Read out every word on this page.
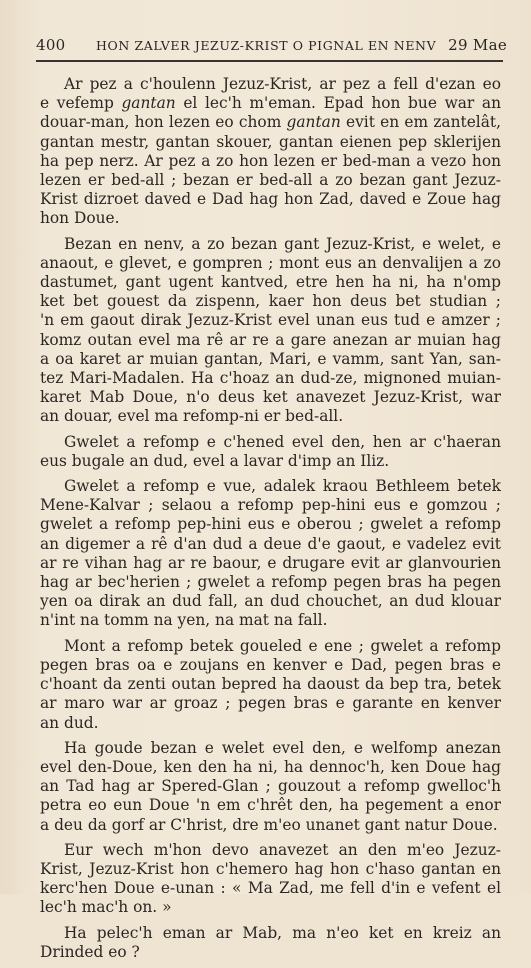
400 HON ZALVER JEZUZ-KRIST O PIGNAL EN NENV 29 Mae
Ar pez a c'houlenn Jezuz-Krist, ar pez a fell d'ezan eo
e vefemp gantan el lec'h m'eman. Epad hon bue war an
douar-man, hon lezen eo chom gantan evit en em zantelât,
gantan mestr, gantan skouer, gantan eienen pep sklerijen
ha pep nerz. Ar pez a zo hon lezen er bed-man a vezo hon
lezen er bed-all ; bezan er bed-all a zo bezan gant Jezuz-
Krist dizroet daved e Dad hag hon Zad, daved e Zoue hag
hon Doue.
Bezan en nenv, a zo bezan gant Jezuz-Krist, e welet, e
anaout, e glevet, e gompren ; mont eus an denvalijen a zo
dastumet, gant ugent kantved, etre hen ha ni, ha n'omp
ket bet gouest da zispenn, kaer hon deus bet studian ;
'n em gaout dirak Jezuz-Krist evel unan eus tud e amzer ;
komz outan evel ma rê ar re a gare anezan ar muian hag
a oa karet ar muian gantan, Mari, e vamm, sant Yan, san-
tez Mari-Madalen. Ha c'hoaz an dud-ze, mignoned muian-
karet Mab Doue, n'o deus ket anavezet Jezuz-Krist, war
an douar, evel ma refomp-ni er bed-all.
Gwelet a refomp e c'hened evel den, hen ar c'haeran
eus bugale an dud, evel a lavar d'imp an Iliz.
Gwelet a refomp e vue, adalek kraou Bethleem betek
Mene-Kalvar ; selaou a refomp pep-hini eus e gomzou ;
gwelet a refomp pep-hini eus e oberou ; gwelet a refomp
an digemer a rê d'an dud a deue d'e gaout, e vadelez evit
ar re vihan hag ar re baour, e drugare evit ar glanvourien
hag ar bec'herien ; gwelet a refomp pegen bras ha pegen
yen oa dirak an dud fall, an dud chouchet, an dud klouar
n'int na tomm na yen, na mat na fall.
Mont a refomp betek goueled e ene ; gwelet a refomp
pegen bras oa e zoujans en kenver e Dad, pegen bras e
c'hoant da zenti outan bepred ha daoust da bep tra, betek
ar maro war ar groaz ; pegen bras e garante en kenver
an dud.
Ha goude bezan e welet evel den, e welfomp anezan
evel den-Doue, ken den ha ni, ha dennoc'h, ken Doue hag
an Tad hag ar Spered-Glan ; gouzout a refomp gwelloc'h
petra eo eun Doue 'n em c'hrêt den, ha pegement a enor
a deu da gorf ar C'hrist, dre m'eo unanet gant natur Doue.
Eur wech m'hon devo anavezet an den m'eo Jezuz-
Krist, Jezuz-Krist hon c'hemero hag hon c'haso gantan en
kerc'hen Doue e-unan : « Ma Zad, me fell d'in e vefent el
lec'h mac'h on. »
Ha pelec'h eman ar Mab, ma n'eo ket en kreiz an
Drinded eo ?
